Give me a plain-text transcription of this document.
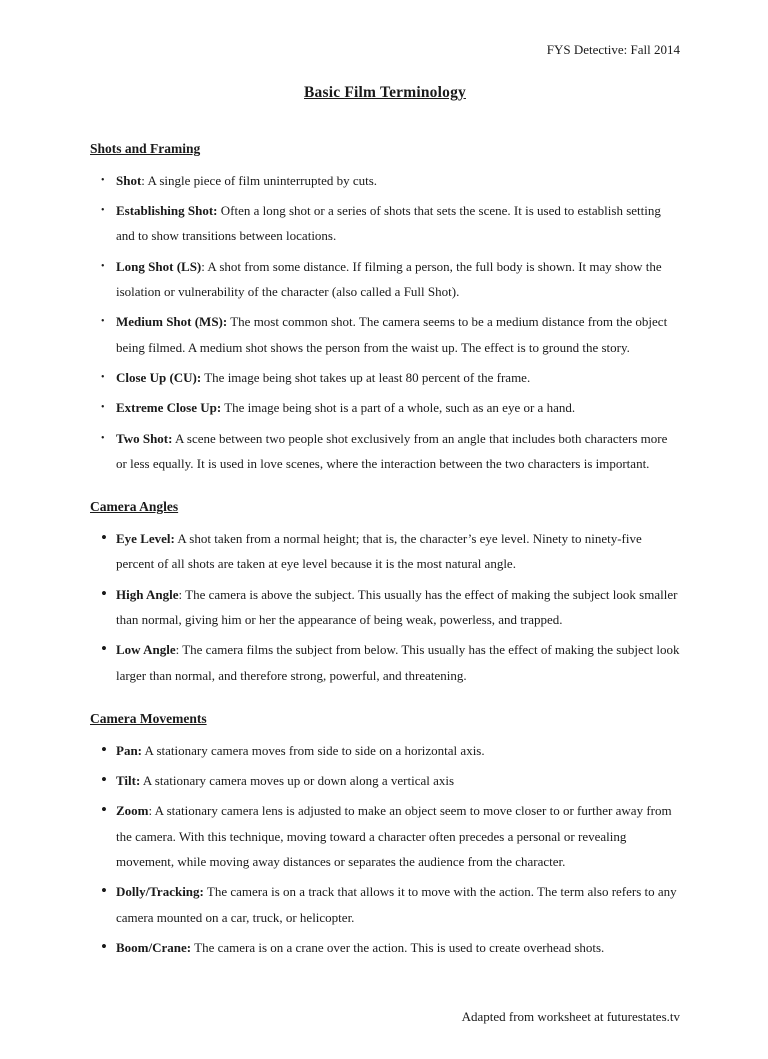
FYS Detective: Fall 2014
Basic Film Terminology
Shots and Framing
• Shot: A single piece of film uninterrupted by cuts.
• Establishing Shot: Often a long shot or a series of shots that sets the scene. It is used to establish setting and to show transitions between locations.
• Long Shot (LS): A shot from some distance. If filming a person, the full body is shown. It may show the isolation or vulnerability of the character (also called a Full Shot).
• Medium Shot (MS): The most common shot. The camera seems to be a medium distance from the object being filmed. A medium shot shows the person from the waist up. The effect is to ground the story.
• Close Up (CU): The image being shot takes up at least 80 percent of the frame.
• Extreme Close Up: The image being shot is a part of a whole, such as an eye or a hand.
• Two Shot: A scene between two people shot exclusively from an angle that includes both characters more or less equally. It is used in love scenes, where the interaction between the two characters is important.
Camera Angles
• Eye Level: A shot taken from a normal height; that is, the character’s eye level. Ninety to ninety-five percent of all shots are taken at eye level because it is the most natural angle.
• High Angle: The camera is above the subject. This usually has the effect of making the subject look smaller than normal, giving him or her the appearance of being weak, powerless, and trapped.
• Low Angle: The camera films the subject from below. This usually has the effect of making the subject look larger than normal, and therefore strong, powerful, and threatening.
Camera Movements
• Pan: A stationary camera moves from side to side on a horizontal axis.
• Tilt: A stationary camera moves up or down along a vertical axis
• Zoom: A stationary camera lens is adjusted to make an object seem to move closer to or further away from the camera. With this technique, moving toward a character often precedes a personal or revealing movement, while moving away distances or separates the audience from the character.
• Dolly/Tracking: The camera is on a track that allows it to move with the action. The term also refers to any camera mounted on a car, truck, or helicopter.
• Boom/Crane: The camera is on a crane over the action. This is used to create overhead shots.
Adapted from worksheet at futurestates.tv
